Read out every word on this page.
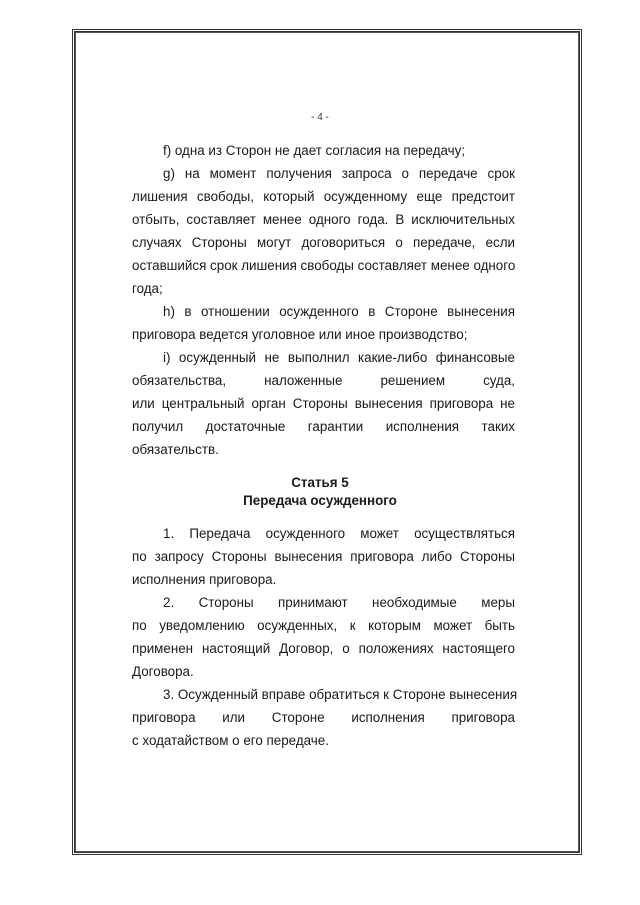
- 4 -
f) одна из Сторон не дает согласия на передачу;
g) на момент получения запроса о передаче срок
лишения свободы, который осужденному еще предстоит
отбыть, составляет менее одного года. В исключительных
случаях Стороны могут договориться о передаче, если
оставшийся срок лишения свободы составляет менее одного
года;
h) в отношении осужденного в Стороне вынесения
приговора ведется уголовное или иное производство;
i) осужденный не выполнил какие-либо финансовые
обязательства, наложенные решением суда,
или центральный орган Стороны вынесения приговора не
получил достаточные гарантии исполнения таких
обязательств.
Статья 5
Передача осужденного
1. Передача осужденного может осуществляться
по запросу Стороны вынесения приговора либо Стороны
исполнения приговора.
2. Стороны принимают необходимые меры
по уведомлению осужденных, к которым может быть
применен настоящий Договор, о положениях настоящего
Договора.
3. Осужденный вправе обратиться к Стороне вынесения
приговора или Стороне исполнения приговора
с ходатайством о его передаче.
